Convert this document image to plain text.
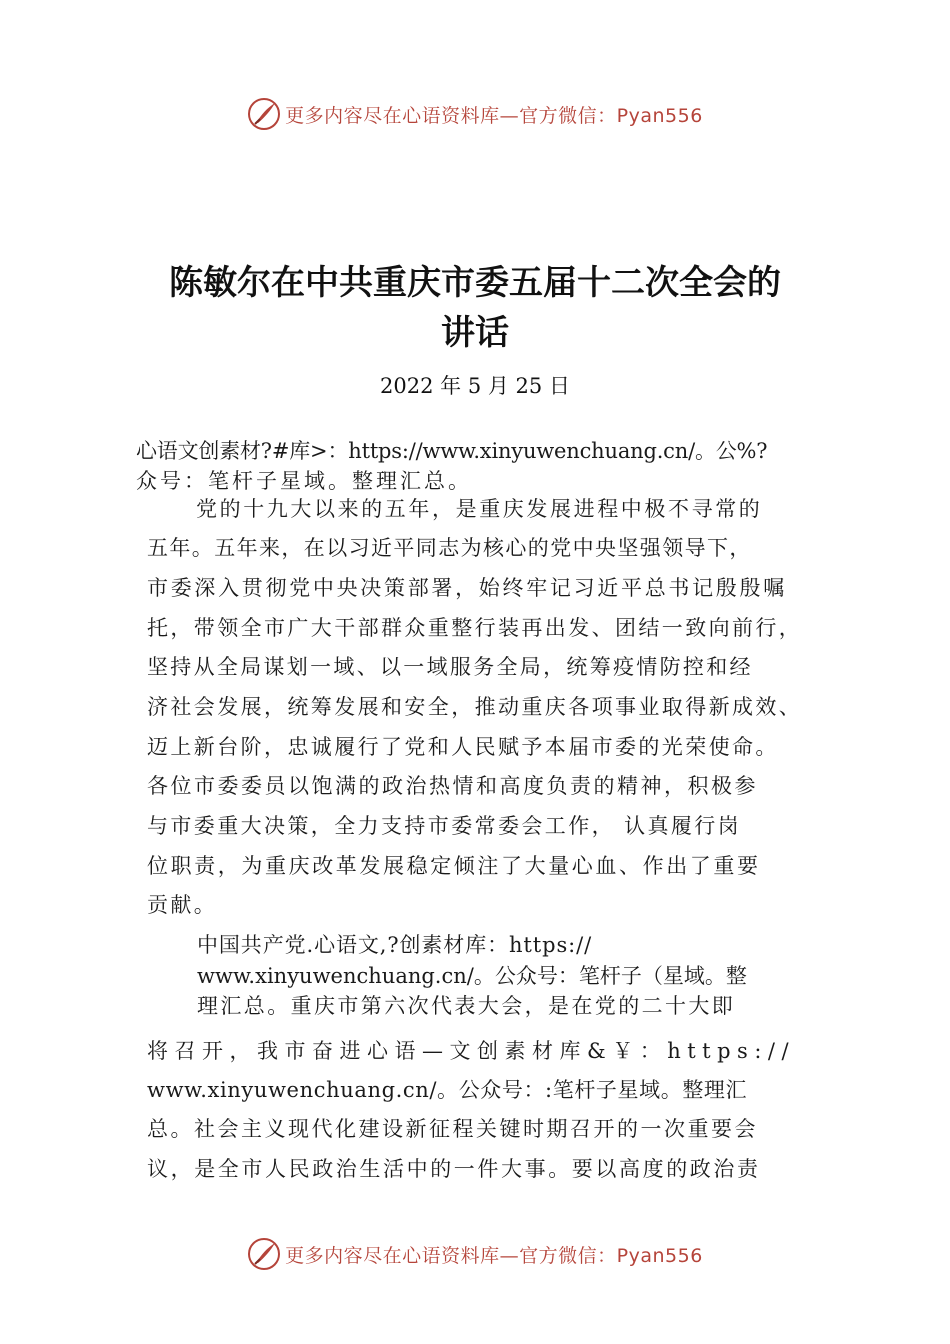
更多内容尽在心语资料库—官方微信：Pyan556
陈敏尔在中共重庆市委五届十二次全会的
讲话
2022 年 5 月 25 日
心语文创素材?#库>：https://www.xinyuwenchuang.cn/。公%?
众号：笔杆子星域。整理汇总。
党的十九大以来的五年，是重庆发展进程中极不寻常的
五年。五年来，在以习近平同志为核心的党中央坚强领导下，
市委深入贯彻党中央决策部署，始终牢记习近平总书记殷殷嘱
托，带领全市广大干部群众重整行装再出发、团结一致向前行，
坚持从全局谋划一域、以一域服务全局，统筹疫情防控和经
济社会发展，统筹发展和安全，推动重庆各项事业取得新成效、
迈上新台阶，忠诚履行了党和人民赋予本届市委的光荣使命。
各位市委委员以饱满的政治热情和高度负责的精神，积极参
与市委重大决策，全力支持市委常委会工作， 认真履行岗
位职责，为重庆改革发展稳定倾注了大量心血、作出了重要
贡献。
中国共产党.心语文,?创素材库：https://
www.xinyuwenchuang.cn/。公众号：笔杆子（星域。整
理汇总。重庆市第六次代表大会，是在党的二十大即
将召开，我市奋进心语—文创素材库&￥：https://
www.xinyuwenchuang.cn/。公众号：:笔杆子星域。整理汇
总。社会主义现代化建设新征程关键时期召开的一次重要会
议，是全市人民政治生活中的一件大事。要以高度的政治责
更多内容尽在心语资料库—官方微信：Pyan556
